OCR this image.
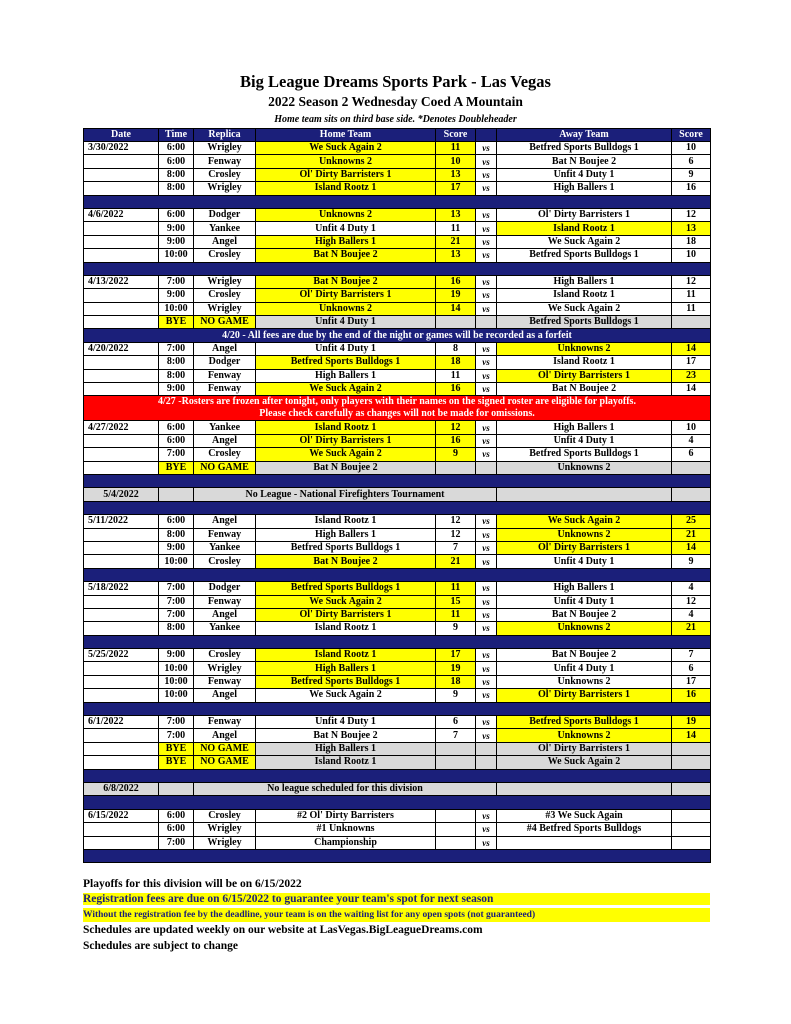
Big League Dreams Sports Park - Las Vegas
2022 Season 2 Wednesday Coed A Mountain
Home team sits on third base side. *Denotes Doubleheader
Date	Time	Replica	Home Team	Score		Away Team	Score
3/30/2022	6:00	Wrigley	We Suck Again 2	11	vs	Betfred Sports Bulldogs 1	10
	6:00	Fenway	Unknowns 2	10	vs	Bat N Boujee 2	6
	8:00	Crosley	Ol' Dirty Barristers 1	13	vs	Unfit 4 Duty 1	9
	8:00	Wrigley	Island Rootz 1	17	vs	High Ballers 1	16

4/6/2022	6:00	Dodger	Unknowns 2	13	vs	Ol' Dirty Barristers 1	12
	9:00	Yankee	Unfit 4 Duty 1	11	vs	Island Rootz 1	13
	9:00	Angel	High Ballers 1	21	vs	We Suck Again 2	18
	10:00	Crosley	Bat N Boujee 2	13	vs	Betfred Sports Bulldogs 1	10

4/13/2022	7:00	Wrigley	Bat N Boujee 2	16	vs	High Ballers 1	12
	9:00	Crosley	Ol' Dirty Barristers 1	19	vs	Island Rootz 1	11
	10:00	Wrigley	Unknowns 2	14	vs	We Suck Again 2	11
	BYE	NO GAME	Unfit 4 Duty 1			Betfred Sports Bulldogs 1	
4/20 - All fees are due by the end of the night or games will be recorded as a forfeit							
4/20/2022	7:00	Angel	Unfit 4 Duty 1	8	vs	Unknowns 2	14
	8:00	Dodger	Betfred Sports Bulldogs 1	18	vs	Island Rootz 1	17
	8:00	Fenway	High Ballers 1	11	vs	Ol' Dirty Barristers 1	23
	9:00	Fenway	We Suck Again 2	16	vs	Bat N Boujee 2	14

4/27 -Rosters are frozen after tonight, only players with their names on the signed roster are eligible for playoffs.
Please check carefully as changes will not be made for omissions.							

4/27/2022	6:00	Yankee	Island Rootz 1	12	vs	High Ballers 1	10
	6:00	Angel	Ol' Dirty Barristers 1	16	vs	Unfit 4 Duty 1	4
	7:00	Crosley	We Suck Again 2	9	vs	Betfred Sports Bulldogs 1	6
	BYE	NO GAME	Bat N Boujee 2			Unknowns 2	

5/4/2022		No League - National Firefighters Tournament					

5/11/2022	6:00	Angel	Island Rootz 1	12	vs	We Suck Again 2	25
	8:00	Fenway	High Ballers 1	12	vs	Unknowns 2	21
	9:00	Yankee	Betfred Sports Bulldogs 1	7	vs	Ol' Dirty Barristers 1	14
	10:00	Crosley	Bat N Boujee 2	21	vs	Unfit 4 Duty 1	9

5/18/2022	7:00	Dodger	Betfred Sports Bulldogs 1	11	vs	High Ballers 1	4
	7:00	Fenway	We Suck Again 2	15	vs	Unfit 4 Duty 1	12
	7:00	Angel	Ol' Dirty Barristers 1	11	vs	Bat N Boujee 2	4
	8:00	Yankee	Island Rootz 1	9	vs	Unknowns 2	21

5/25/2022	9:00	Crosley	Island Rootz 1	17	vs	Bat N Boujee 2	7
	10:00	Wrigley	High Ballers 1	19	vs	Unfit 4 Duty 1	6
	10:00	Fenway	Betfred Sports Bulldogs 1	18	vs	Unknowns 2	17
	10:00	Angel	We Suck Again 2	9	vs	Ol' Dirty Barristers 1	16

6/1/2022	7:00	Fenway	Unfit 4 Duty 1	6	vs	Betfred Sports Bulldogs 1	19
	7:00	Angel	Bat N Boujee 2	7	vs	Unknowns 2	14
	BYE	NO GAME	High Ballers 1			Ol' Dirty Barristers 1	
	BYE	NO GAME	Island Rootz 1			We Suck Again 2	

6/8/2022		No league scheduled for this division					

6/15/2022	6:00	Crosley	#2 Ol' Dirty Barristers		vs	#3 We Suck Again	
	6:00	Wrigley	#1 Unknowns		vs	#4 Betfred Sports Bulldogs	
	7:00	Wrigley	Championship		vs		

Playoffs for this division will be on 6/15/2022
Registration fees are due on 6/15/2022 to guarantee your team's spot for next season
Without the registration fee by the deadline, your team is on the waiting list for any open spots (not guaranteed)
Schedules are updated weekly on our website at LasVegas.BigLeagueDreams.com
Schedules are subject to change
